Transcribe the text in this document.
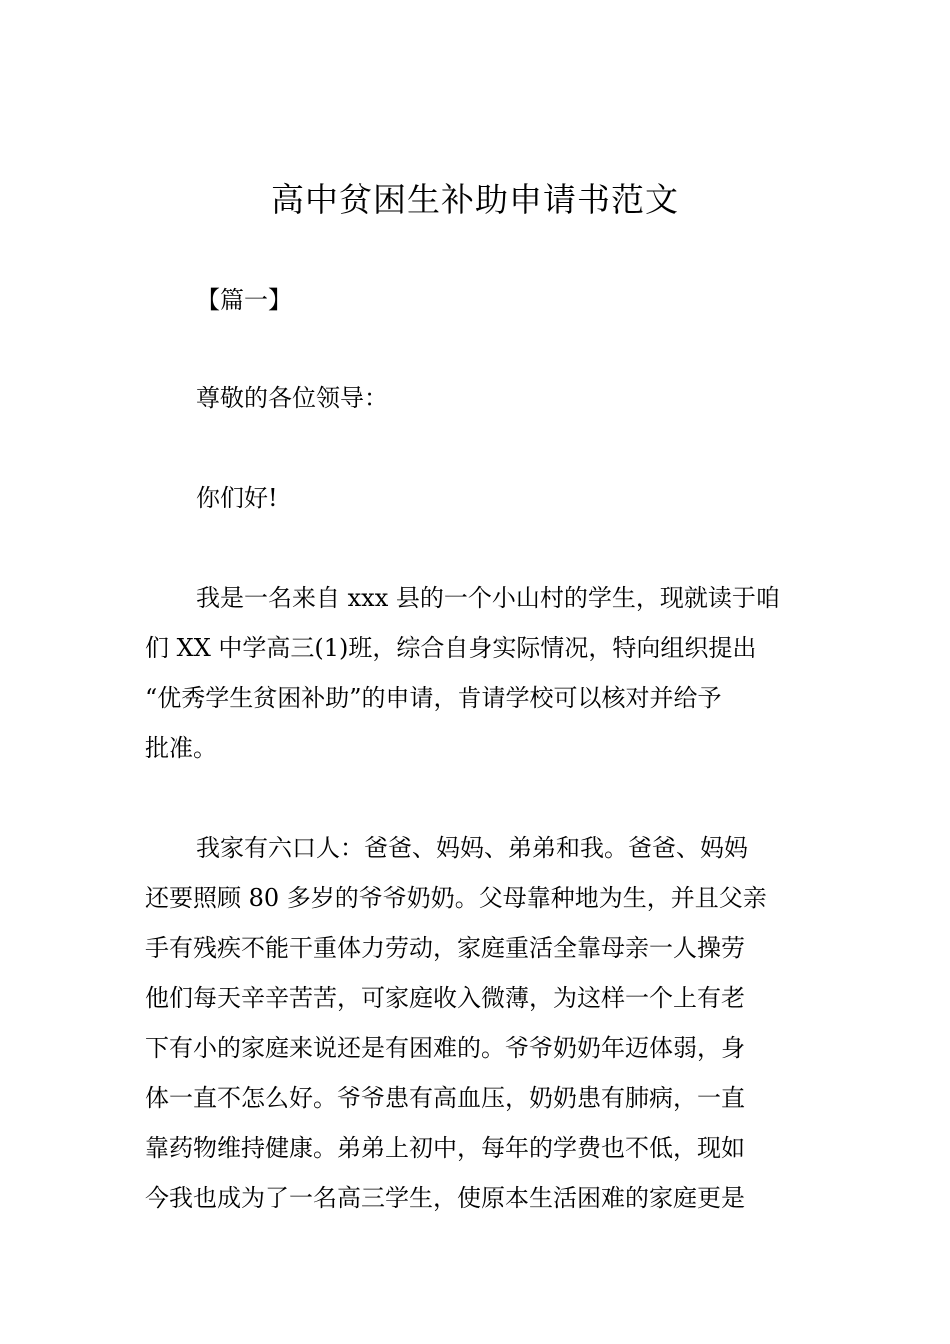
高中贫困生补助申请书范文

【篇一】

尊敬的各位领导：

你们好!

我是一名来自 xxx 县的一个小山村的学生，现就读于咱

们 XX 中学高三(1)班，综合自身实际情况，特向组织提出

“优秀学生贫困补助”的申请，肯请学校可以核对并给予

批准。

我家有六口人：爸爸、妈妈、弟弟和我。爸爸、妈妈

还要照顾 80 多岁的爷爷奶奶。父母靠种地为生，并且父亲

手有残疾不能干重体力劳动，家庭重活全靠母亲一人操劳

他们每天辛辛苦苦，可家庭收入微薄，为这样一个上有老

下有小的家庭来说还是有困难的。爷爷奶奶年迈体弱，身

体一直不怎么好。爷爷患有高血压，奶奶患有肺病，一直

靠药物维持健康。弟弟上初中，每年的学费也不低，现如

今我也成为了一名高三学生，使原本生活困难的家庭更是
